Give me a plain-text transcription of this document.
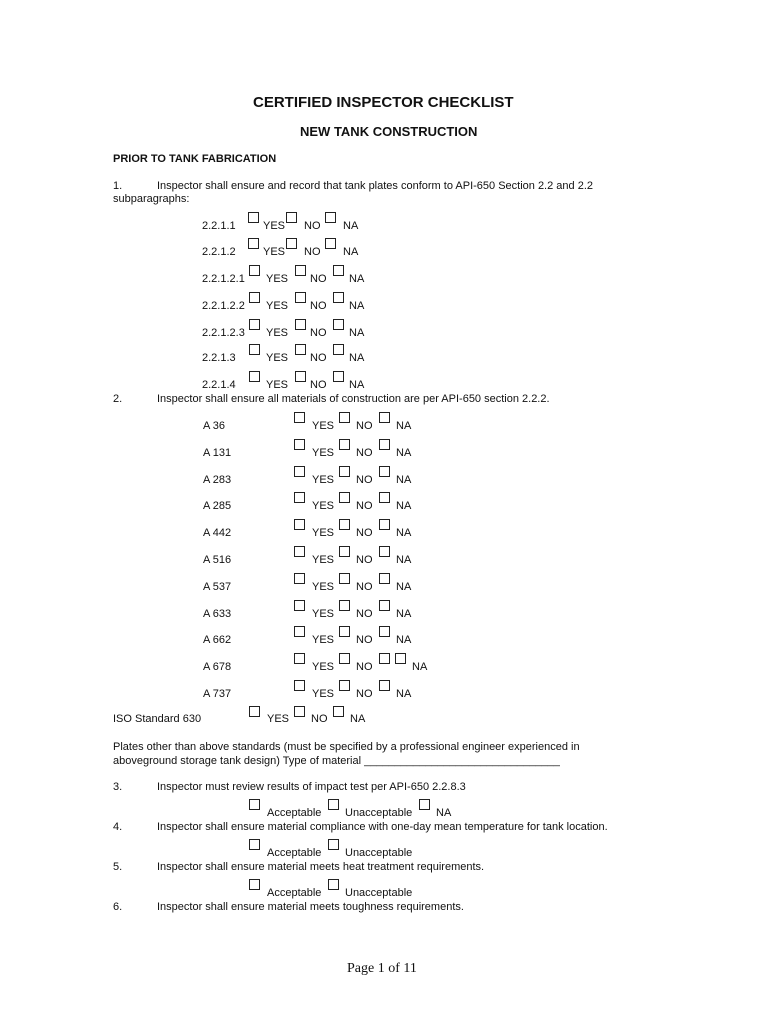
CERTIFIED INSPECTOR CHECKLIST
NEW TANK CONSTRUCTION
PRIOR TO TANK FABRICATION
1.	Inspector shall ensure and record that tank plates conform to API-650 Section 2.2 and 2.2
subparagraphs:
2.2.1.1 YES NO NA
2.2.1.2 YES NO NA
2.2.1.2.1 YES NO NA
2.2.1.2.2 YES NO NA
2.2.1.2.3 YES NO NA
2.2.1.3	YES NO NA
2.2.1.4	YES NO NA
2.	Inspector shall ensure all materials of construction are per API-650 section 2.2.2.
A 36	YES NO NA
A 131	YES NO NA
A 283	YES NO NA
A 285	YES NO NA
A 442	YES NO NA
A 516	YES NO NA
A 537	YES NO NA
A 633	YES NO NA
A 662	YES NO NA
A 678	YES NO	NA
A 737	YES NO NA
ISO Standard 630	YES NO NA
Plates other than above standards (must be specified by a professional engineer experienced in
aboveground storage tank design) Type of material ________________________________
3.	Inspector must review results of impact test per API-650 2.2.8.3
Acceptable Unacceptable NA
4.	Inspector shall ensure material compliance with one-day mean temperature for tank location.
Acceptable Unacceptable
5.	Inspector shall ensure material meets heat treatment requirements.
Acceptable Unacceptable
6.	Inspector shall ensure material meets toughness requirements.
Page 1 of 11
